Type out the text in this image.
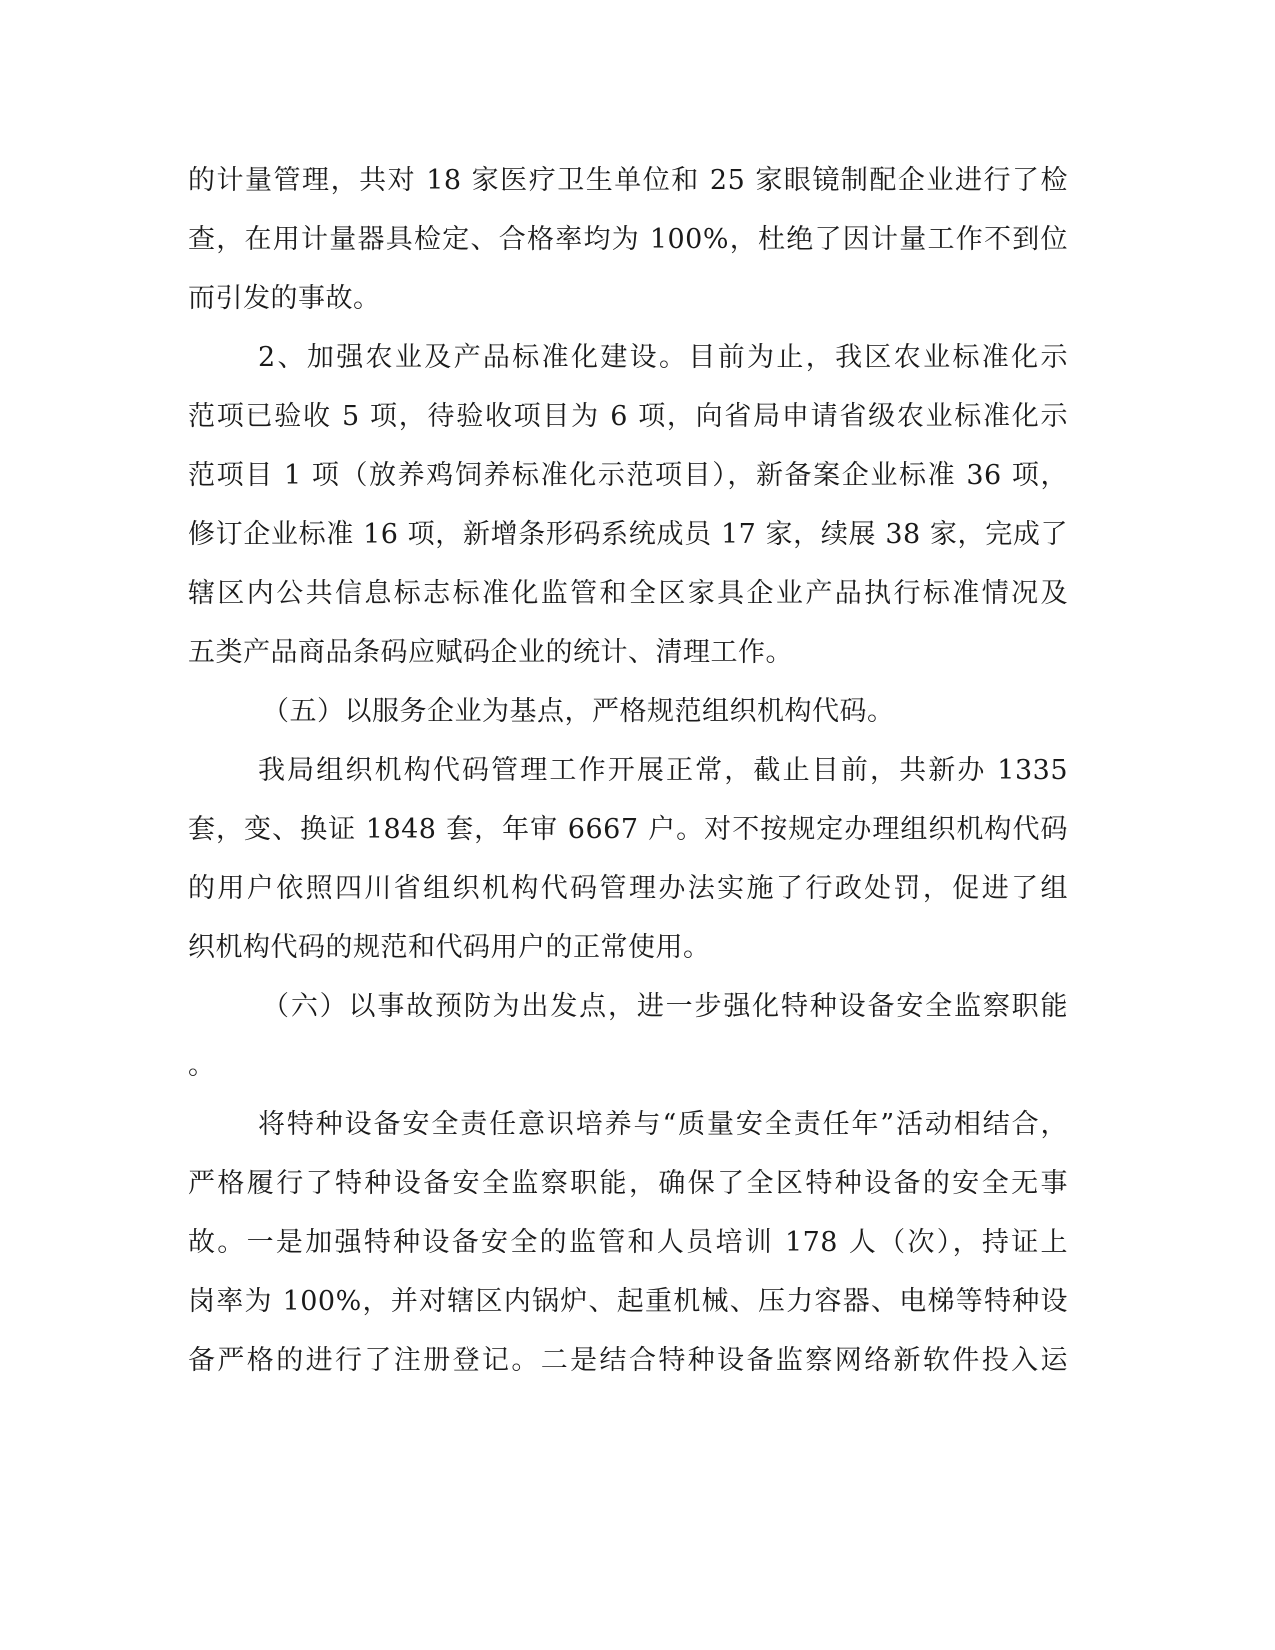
的计量管理，共对 18 家医疗卫生单位和 25 家眼镜制配企业进行了检
查，在用计量器具检定、合格率均为 100%，杜绝了因计量工作不到位
而引发的事故。
2、加强农业及产品标准化建设。目前为止，我区农业标准化示
范项已验收 5 项，待验收项目为 6 项，向省局申请省级农业标准化示
范项目 1 项（放养鸡饲养标准化示范项目），新备案企业标准 36 项，
修订企业标准 16 项，新增条形码系统成员 17 家，续展 38 家，完成了
辖区内公共信息标志标准化监管和全区家具企业产品执行标准情况及
五类产品商品条码应赋码企业的统计、清理工作。
（五）以服务企业为基点，严格规范组织机构代码。
我局组织机构代码管理工作开展正常，截止目前，共新办 1335
套，变、换证 1848 套，年审 6667 户。对不按规定办理组织机构代码
的用户依照四川省组织机构代码管理办法实施了行政处罚，促进了组
织机构代码的规范和代码用户的正常使用。
（六）以事故预防为出发点，进一步强化特种设备安全监察职能
。
将特种设备安全责任意识培养与“质量安全责任年”活动相结合，
严格履行了特种设备安全监察职能，确保了全区特种设备的安全无事
故。一是加强特种设备安全的监管和人员培训 178 人（次），持证上
岗率为 100%，并对辖区内锅炉、起重机械、压力容器、电梯等特种设
备严格的进行了注册登记。二是结合特种设备监察网络新软件投入运
